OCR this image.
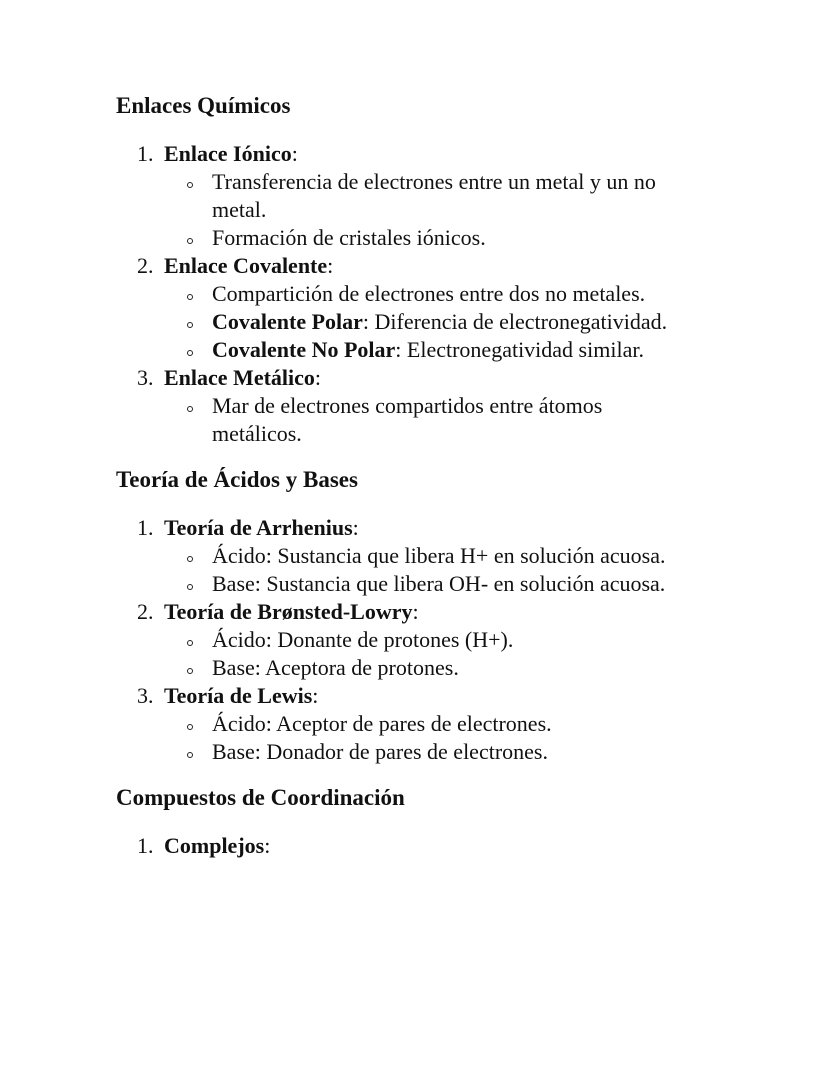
Enlaces Químicos
1. Enlace Iónico:
Transferencia de electrones entre un metal y un no metal.
Formación de cristales iónicos.
2. Enlace Covalente:
Compartición de electrones entre dos no metales.
Covalente Polar: Diferencia de electronegatividad.
Covalente No Polar: Electronegatividad similar.
3. Enlace Metálico:
Mar de electrones compartidos entre átomos metálicos.
Teoría de Ácidos y Bases
1. Teoría de Arrhenius:
Ácido: Sustancia que libera H+ en solución acuosa.
Base: Sustancia que libera OH- en solución acuosa.
2. Teoría de Brønsted-Lowry:
Ácido: Donante de protones (H+).
Base: Aceptora de protones.
3. Teoría de Lewis:
Ácido: Aceptor de pares de electrones.
Base: Donador de pares de electrones.
Compuestos de Coordinación
1. Complejos:
